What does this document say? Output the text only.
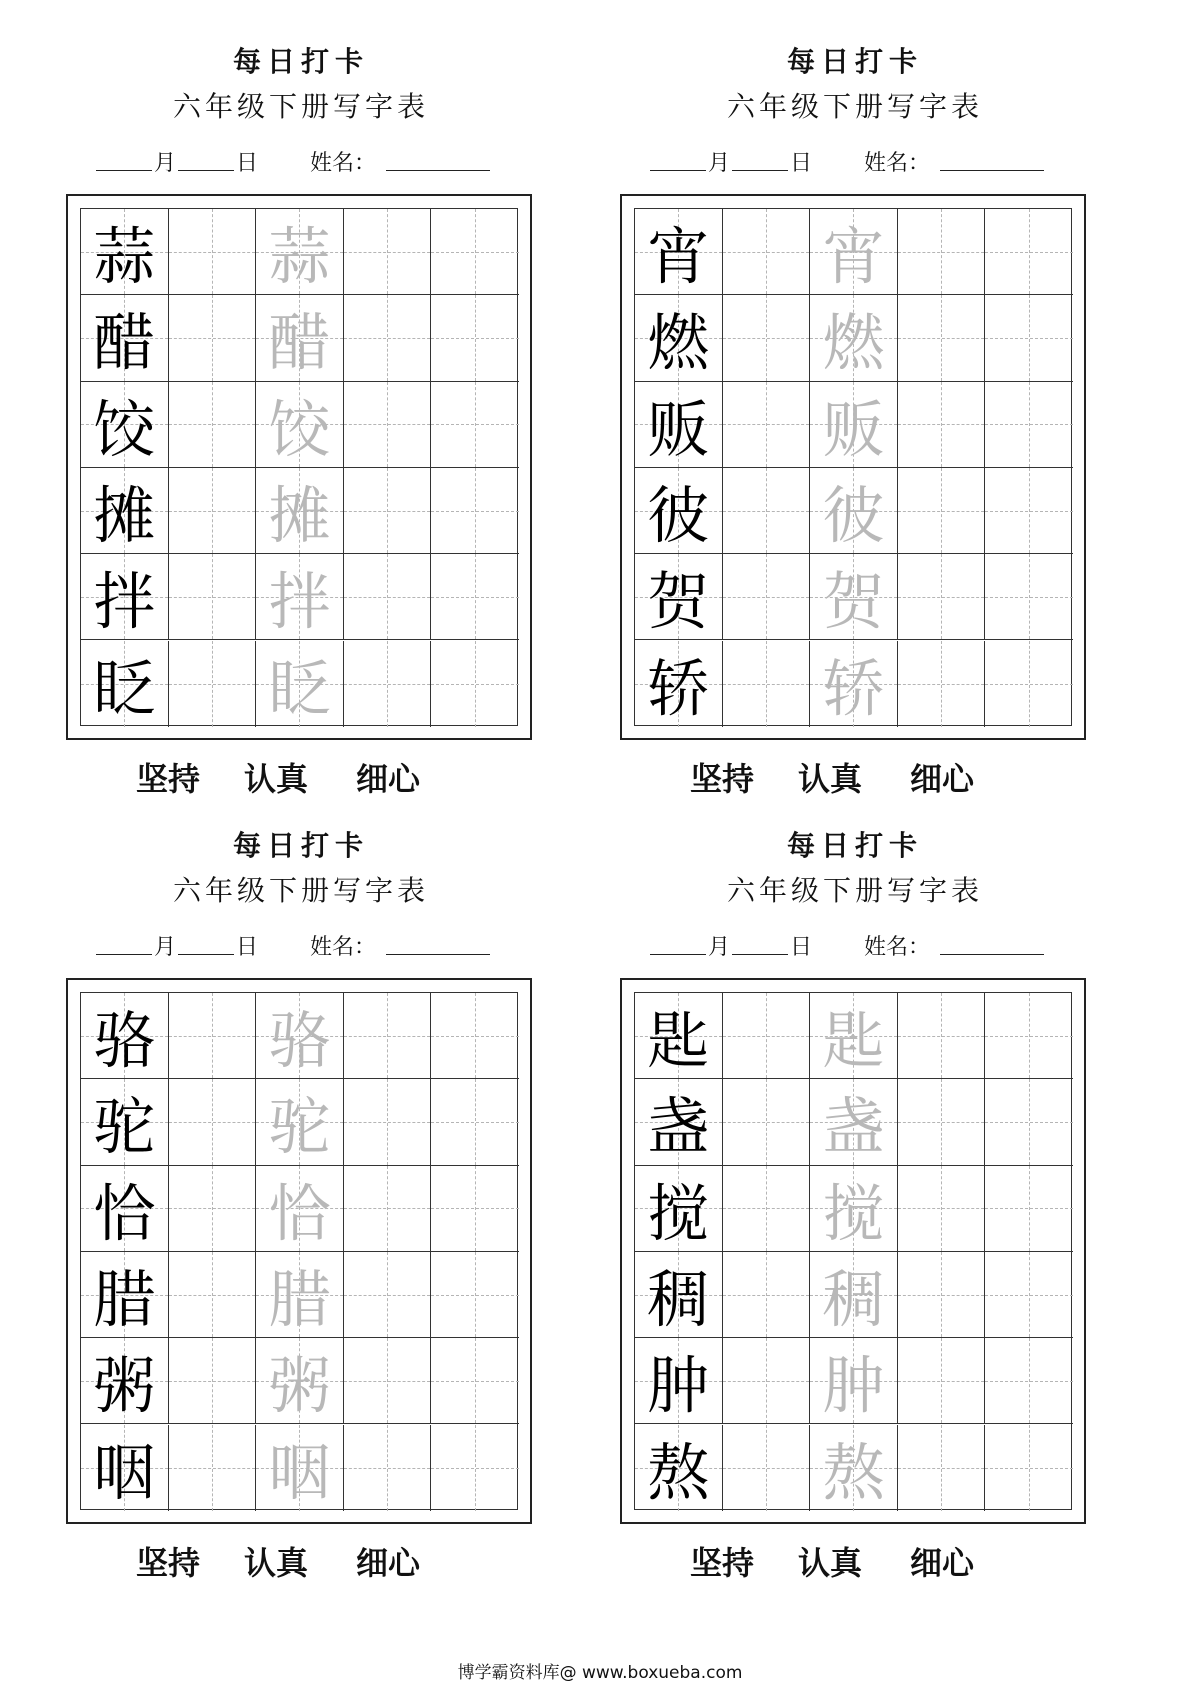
每日打卡
六年级下册写字表
月	日 姓名：
蒜 蒜
醋 醋
饺 饺
摊 摊
拌 拌
眨 眨
坚持 认真 细心
每日打卡
六年级下册写字表
月	日 姓名：
宵 宵
燃 燃
贩 贩
彼 彼
贺 贺
轿 轿
坚持 认真 细心
每日打卡
六年级下册写字表
月	日 姓名：
骆 骆
驼 驼
恰 恰
腊 腊
粥 粥
咽 咽
坚持 认真 细心
每日打卡
六年级下册写字表
月	日 姓名：
匙 匙
盏 盏
搅 搅
稠 稠
肿 肿
熬 熬
坚持 认真 细心
博学霸资料库@ www.boxueba.com
